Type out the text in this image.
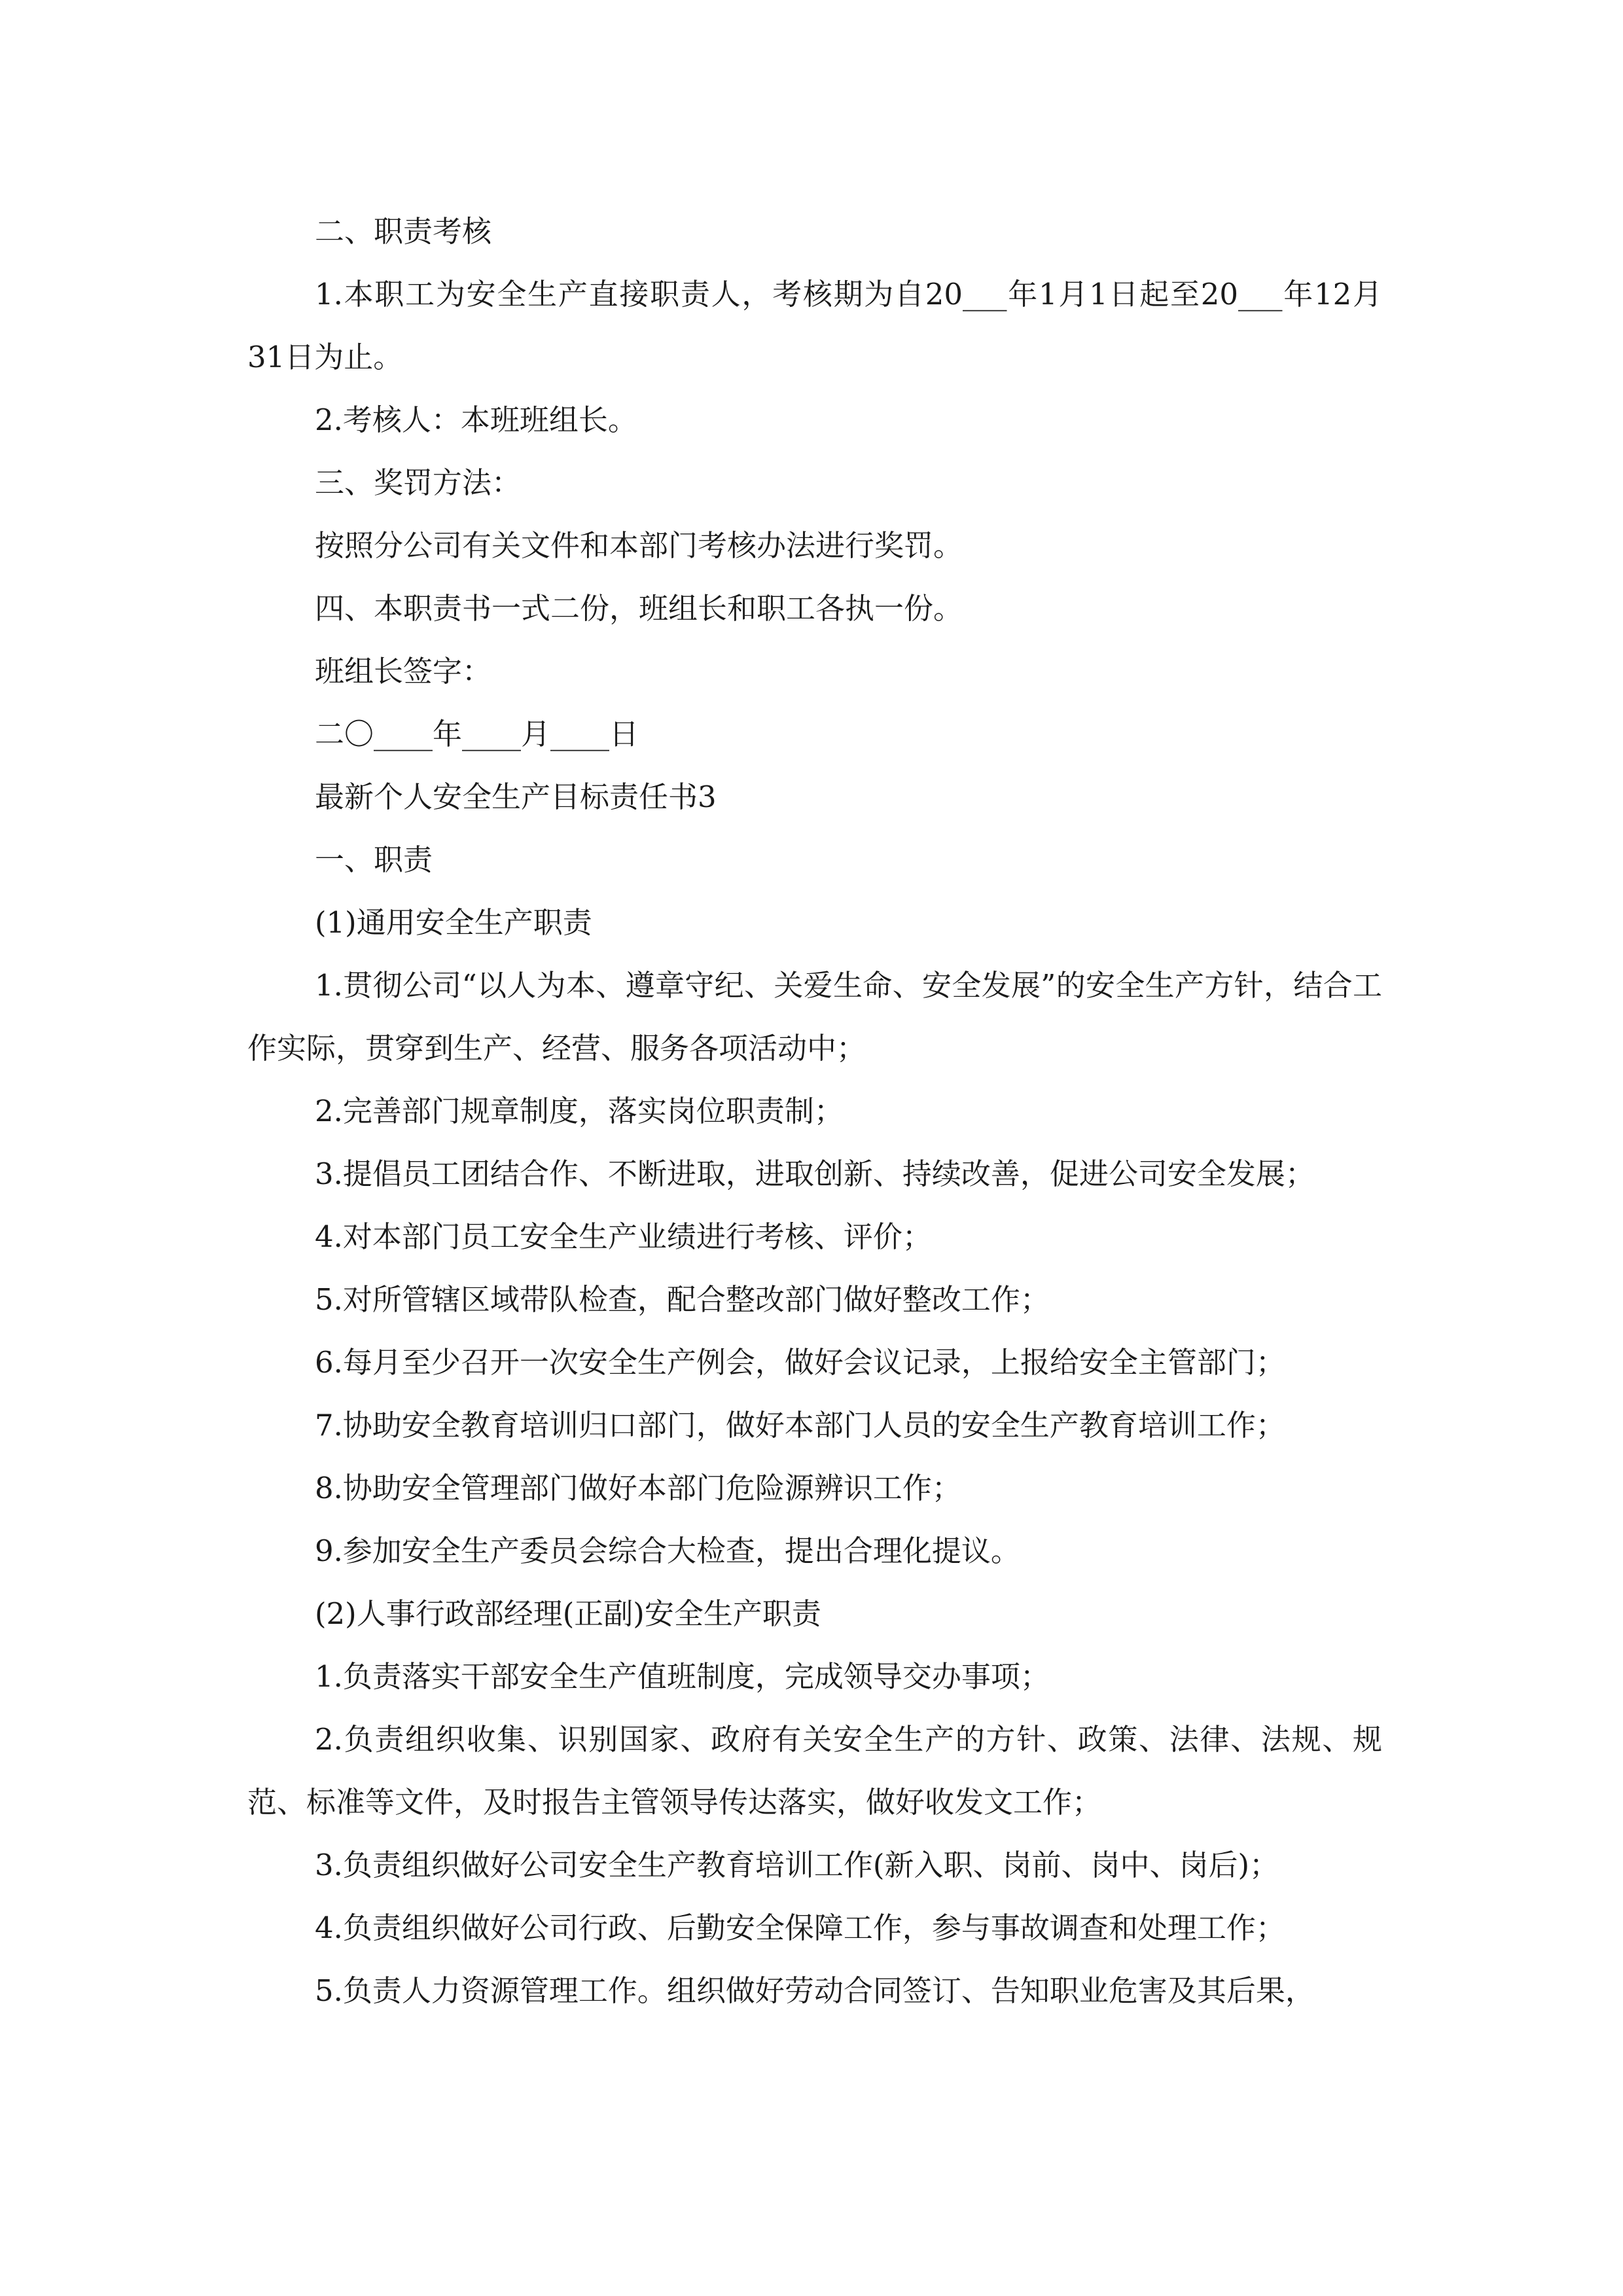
二、职责考核

1.本职工为安全生产直接职责人，考核期为自20___年1月1日起至20___年12月31日为止。

2.考核人：本班班组长。

三、奖罚方法：

按照分公司有关文件和本部门考核办法进行奖罚。

四、本职责书一式二份，班组长和职工各执一份。

班组长签字：

二〇____年____月____日

最新个人安全生产目标责任书3

一、职责

(1)通用安全生产职责

1.贯彻公司“以人为本、遵章守纪、关爱生命、安全发展”的安全生产方针，结合工作实际，贯穿到生产、经营、服务各项活动中；

2.完善部门规章制度，落实岗位职责制；

3.提倡员工团结合作、不断进取，进取创新、持续改善，促进公司安全发展；

4.对本部门员工安全生产业绩进行考核、评价；

5.对所管辖区域带队检查，配合整改部门做好整改工作；

6.每月至少召开一次安全生产例会，做好会议记录，上报给安全主管部门；

7.协助安全教育培训归口部门，做好本部门人员的安全生产教育培训工作；

8.协助安全管理部门做好本部门危险源辨识工作；

9.参加安全生产委员会综合大检查，提出合理化提议。

(2)人事行政部经理(正副)安全生产职责

1.负责落实干部安全生产值班制度，完成领导交办事项；

2.负责组织收集、识别国家、政府有关安全生产的方针、政策、法律、法规、规范、标准等文件，及时报告主管领导传达落实，做好收发文工作；

3.负责组织做好公司安全生产教育培训工作(新入职、岗前、岗中、岗后)；

4.负责组织做好公司行政、后勤安全保障工作，参与事故调查和处理工作；

5.负责人力资源管理工作。组织做好劳动合同签订、告知职业危害及其后果，
